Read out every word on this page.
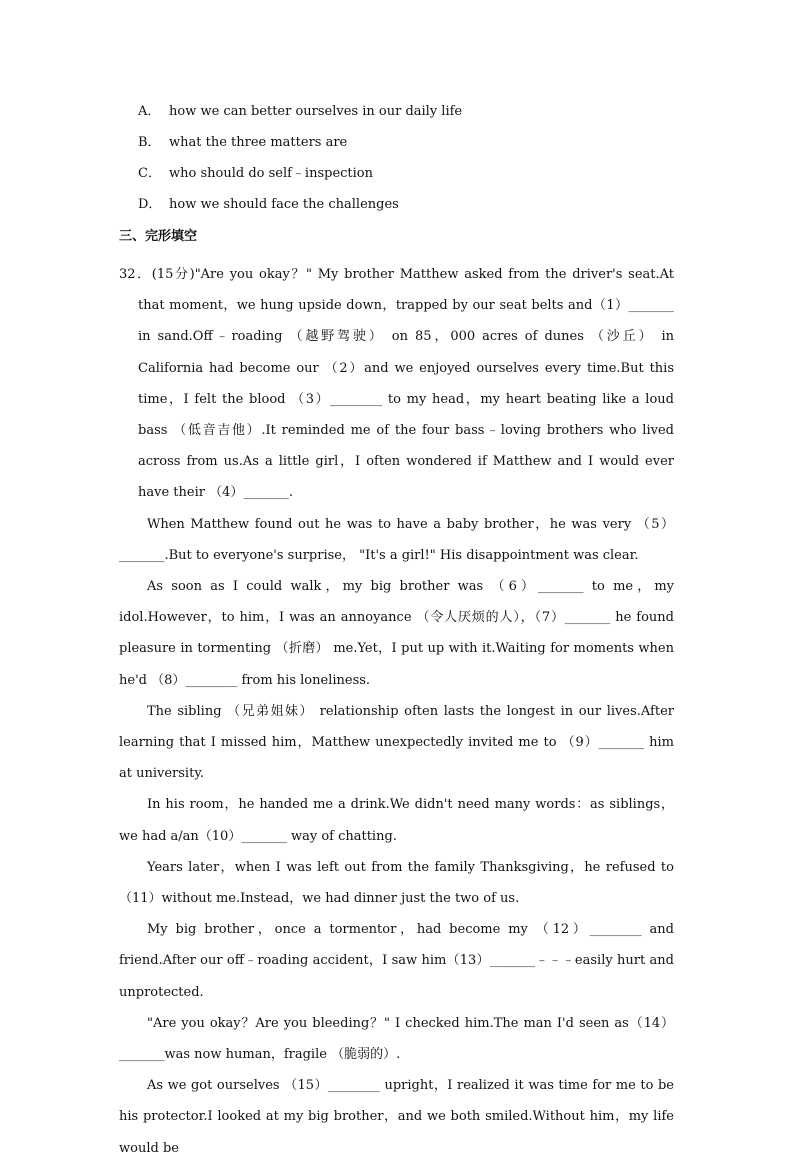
A． how we can better ourselves in our daily life
B． what the three matters are
C． who should do self﹣inspection
D． how we should face the challenges
三、完形填空

32．(15分)"Are you okay？" My brother Matthew asked from the driver's seat.At that moment，we hung upside down，trapped by our seat belts and（1）_______ in sand.Off﹣roading （越野驾驶） on 85，000 acres of dunes （沙丘） in California had become our （2）and we enjoyed ourselves every time.But this time，I felt the blood （3）________ to my head，my heart beating like a loud bass （低音吉他）.It reminded me of the four bass﹣loving brothers who lived across from us.As a little girl，I often wondered if Matthew and I would ever have their （4）_______.

When Matthew found out he was to have a baby brother，he was very （5）_______.But to everyone's surprise， "It's a girl!" His disappointment was clear.

As soon as I could walk，my big brother was （6）_______ to me，my idol.However，to him，I was an annoyance （令人厌烦的人），（7）_______ he found pleasure in tormenting （折磨） me.Yet，I put up with it.Waiting for moments when he'd （8）________ from his loneliness.

The sibling （兄弟姐妹） relationship often lasts the longest in our lives.After learning that I missed him，Matthew unexpectedly invited me to （9）_______ him at university.

In his room，he handed me a drink.We didn't need many words：as siblings，we had a/an（10）_______ way of chatting.

Years later，when I was left out from the family Thanksgiving，he refused to （11）without me.Instead，we had dinner just the two of us.

My big brother，once a tormentor，had become my （12）________ and friend.After our off﹣roading accident，I saw him（13）_______﹣﹣﹣easily hurt and unprotected.

"Are you okay？Are you bleeding？" I checked him.The man I'd seen as（14）_______was now human，fragile （脆弱的）.

As we got ourselves （15）________ upright，I realized it was time for me to be his protector.I looked at my big brother，and we both smiled.Without him，my life would be
